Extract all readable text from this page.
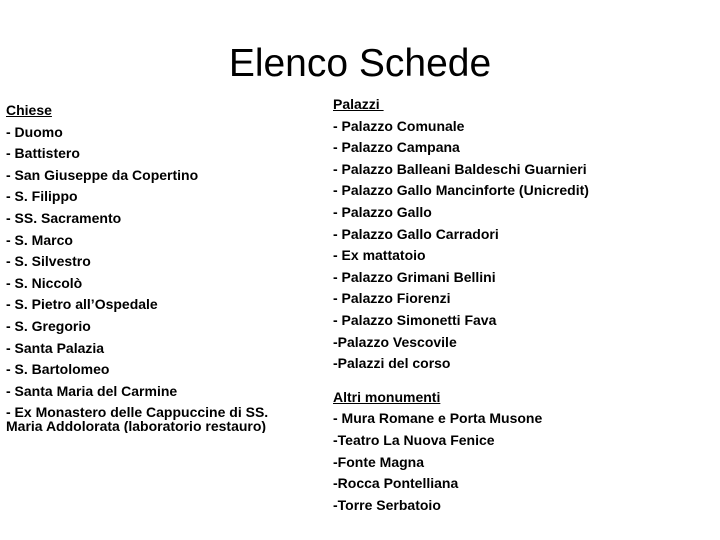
Elenco Schede
Chiese
- Duomo
- Battistero
- San Giuseppe da Copertino
- S. Filippo
- SS. Sacramento
- S. Marco
- S. Silvestro
- S. Niccolò
- S. Pietro all’Ospedale
- S. Gregorio
- Santa Palazia
- S. Bartolomeo
- Santa Maria del Carmine
- Ex Monastero delle Cappuccine di SS. Maria Addolorata (laboratorio restauro)
Palazzi
- Palazzo Comunale
- Palazzo Campana
- Palazzo Balleani Baldeschi Guarnieri
- Palazzo Gallo Mancinforte (Unicredit)
- Palazzo Gallo
- Palazzo Gallo Carradori
- Ex mattatoio
- Palazzo Grimani Bellini
- Palazzo Fiorenzi
- Palazzo Simonetti Fava
-Palazzo Vescovile
-Palazzi del corso
Altri monumenti
- Mura Romane e Porta Musone
-Teatro La Nuova Fenice
-Fonte Magna
-Rocca Pontelliana
-Torre Serbatoio
